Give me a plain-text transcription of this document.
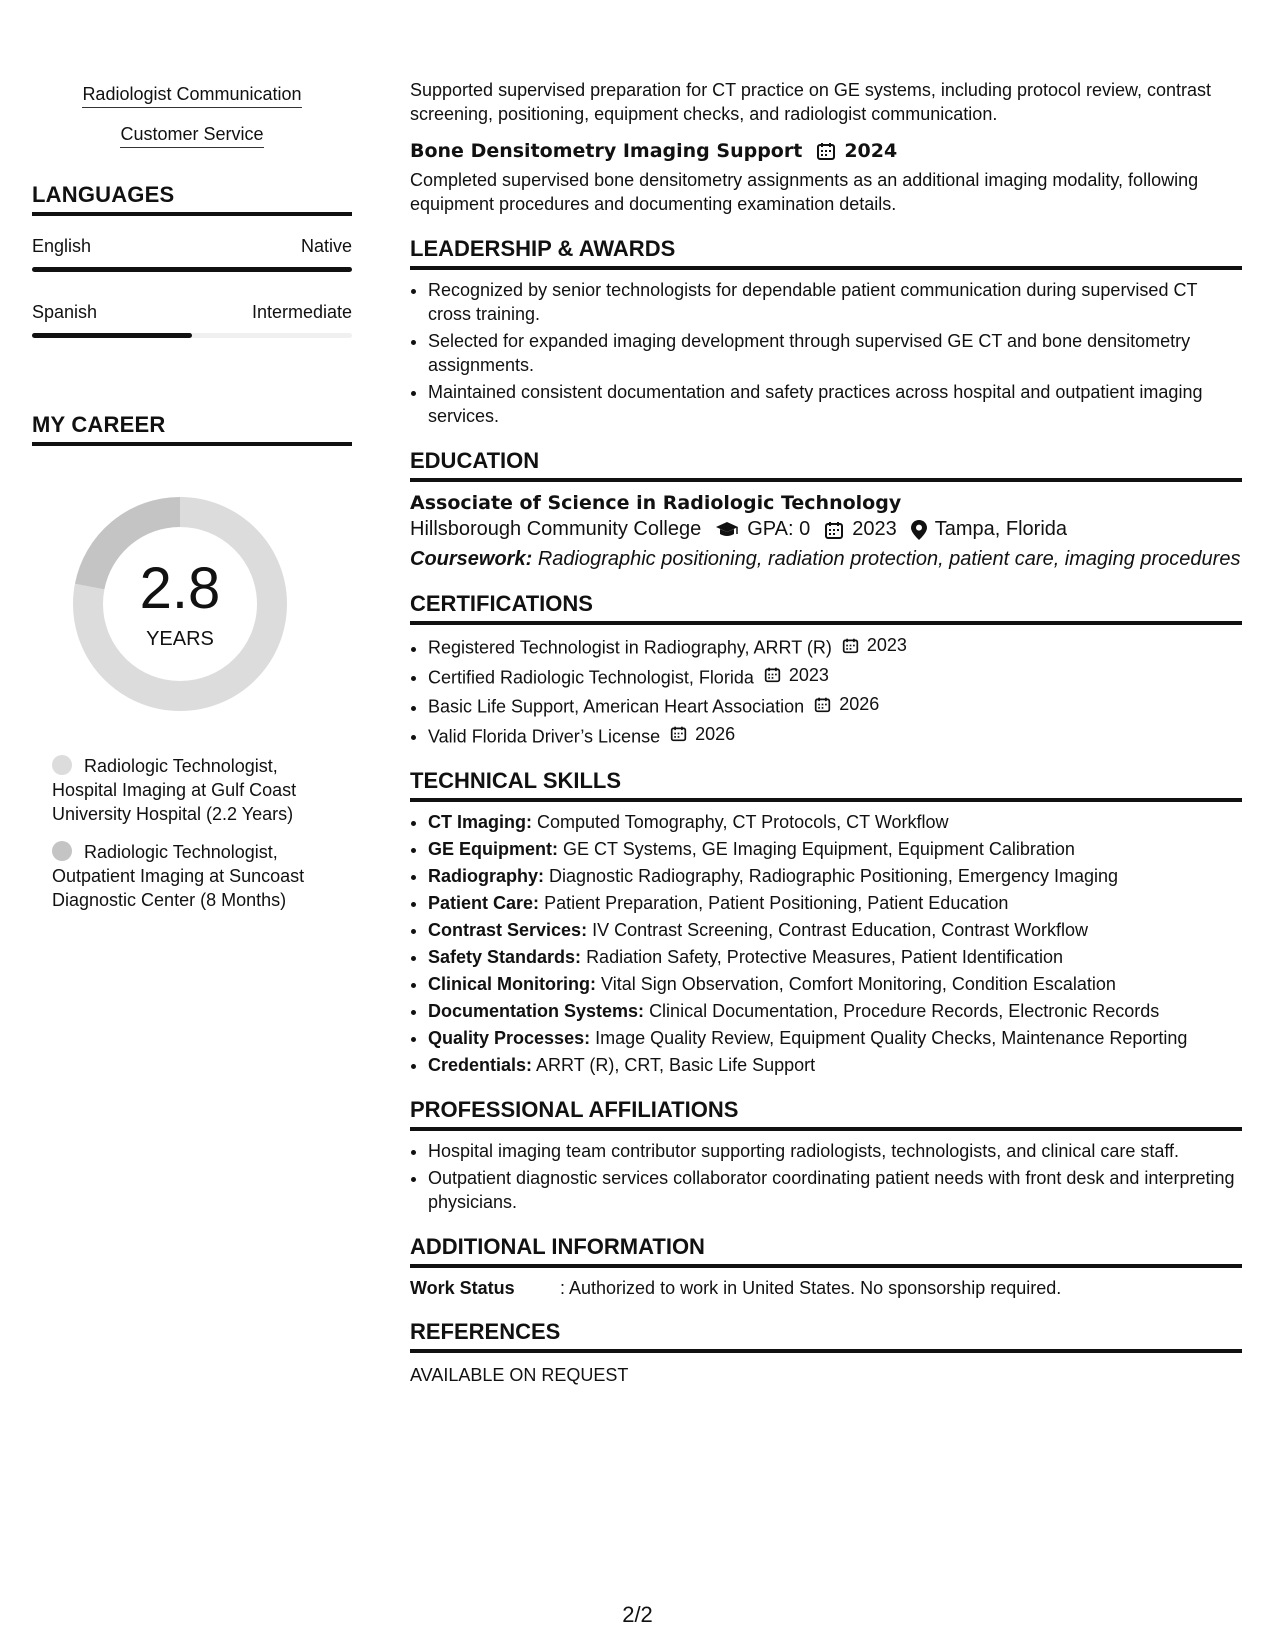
Radiologist Communication
Customer Service
LANGUAGES
English	Native
Spanish	Intermediate
MY CAREER
2.8
YEARS
Radiologic Technologist, Hospital Imaging at Gulf Coast University Hospital (2.2 Years)
Radiologic Technologist, Outpatient Imaging at Suncoast Diagnostic Center (8 Months)

Supported supervised preparation for CT practice on GE systems, including protocol review, contrast screening, positioning, equipment checks, and radiologist communication.

Bone Densitometry Imaging Support 2024

Completed supervised bone densitometry assignments as an additional imaging modality, following equipment procedures and documenting examination details.

LEADERSHIP & AWARDS
• Recognized by senior technologists for dependable patient communication during supervised CT cross training.
• Selected for expanded imaging development through supervised GE CT and bone densitometry assignments.
• Maintained consistent documentation and safety practices across hospital and outpatient imaging services.
EDUCATION
Associate of Science in Radiologic Technology
Hillsborough Community College GPA: 0 2023 Tampa, Florida

Coursework: Radiographic positioning, radiation protection, patient care, imaging procedures

CERTIFICATIONS
• Registered Technologist in Radiography, ARRT (R) 2023
• Certified Radiologic Technologist, Florida 2023
• Basic Life Support, American Heart Association 2026
• Valid Florida Driver’s License 2026
TECHNICAL SKILLS
• CT Imaging: Computed Tomography, CT Protocols, CT Workflow
• GE Equipment: GE CT Systems, GE Imaging Equipment, Equipment Calibration
• Radiography: Diagnostic Radiography, Radiographic Positioning, Emergency Imaging
• Patient Care: Patient Preparation, Patient Positioning, Patient Education
• Contrast Services: IV Contrast Screening, Contrast Education, Contrast Workflow
• Safety Standards: Radiation Safety, Protective Measures, Patient Identification
• Clinical Monitoring: Vital Sign Observation, Comfort Monitoring, Condition Escalation
• Documentation Systems: Clinical Documentation, Procedure Records, Electronic Records
• Quality Processes: Image Quality Review, Equipment Quality Checks, Maintenance Reporting
• Credentials: ARRT (R), CRT, Basic Life Support
PROFESSIONAL AFFILIATIONS
• Hospital imaging team contributor supporting radiologists, technologists, and clinical care staff.
• Outpatient diagnostic services collaborator coordinating patient needs with front desk and interpreting physicians.
ADDITIONAL INFORMATION
Work Status	: Authorized to work in United States. No sponsorship required.
REFERENCES
AVAILABLE ON REQUEST
2/2
